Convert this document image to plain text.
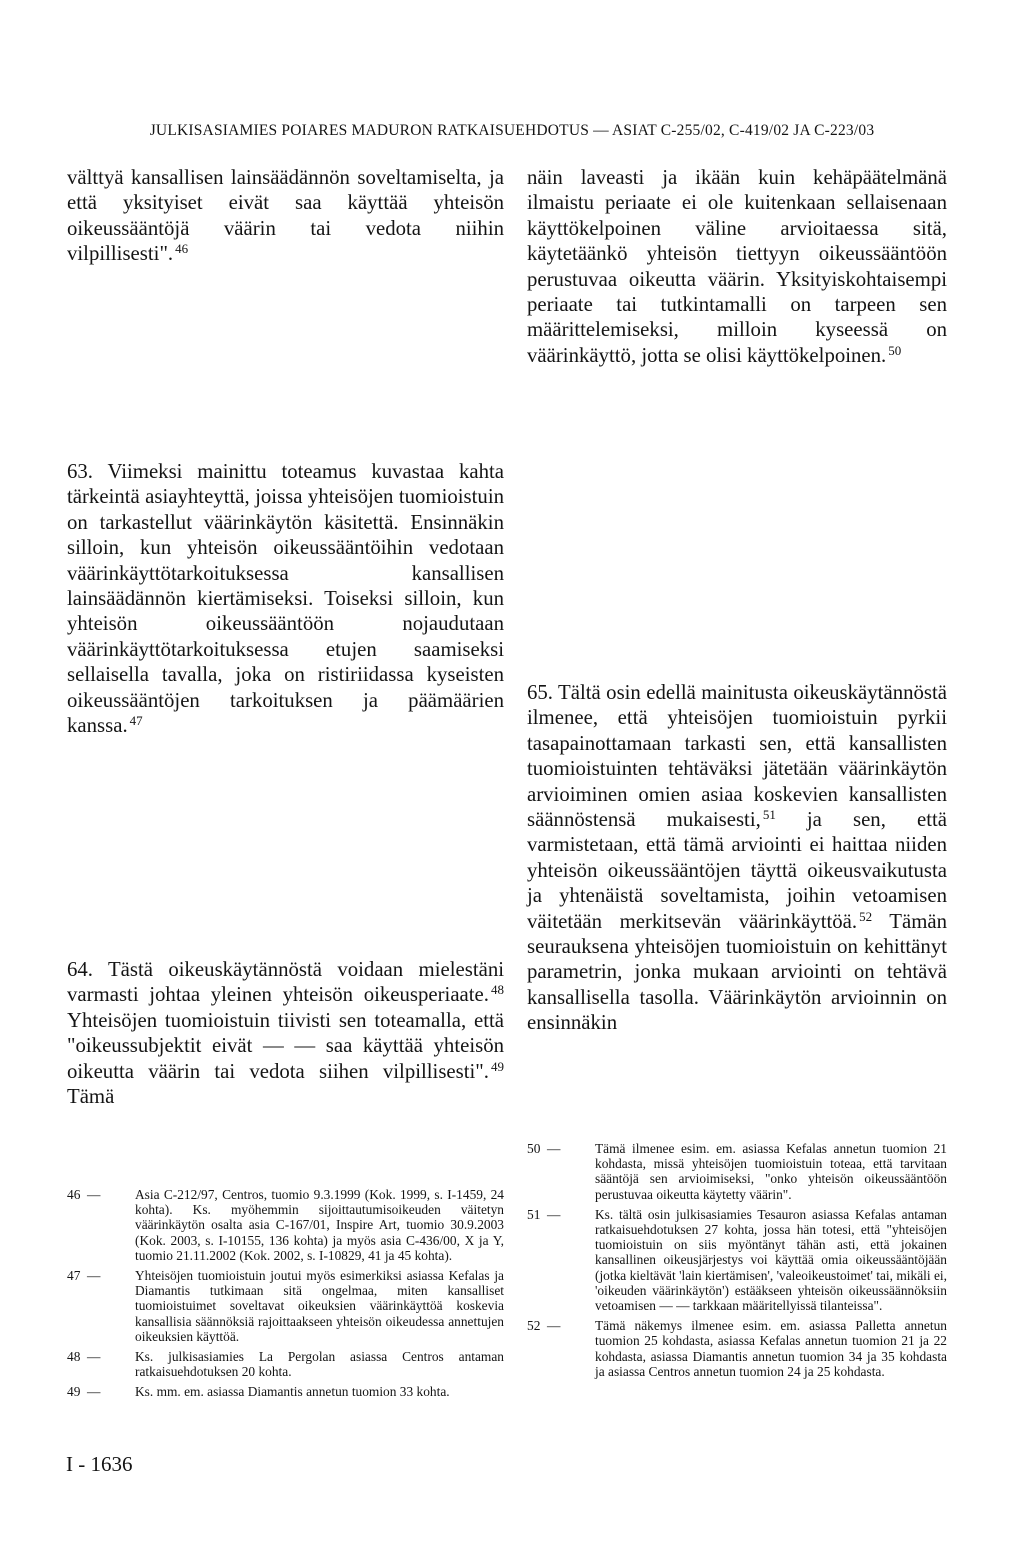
JULKISASIAMIES POIARES MADURON RATKAISUEHDOTUS — ASIAT C-255/02, C-419/02 JA C-223/03

välttyä kansallisen lainsäädännön soveltamiselta, ja että yksityiset eivät saa käyttää yhteisön oikeussääntöjä väärin tai vedota niihin vilpillisesti". $^{46}$

63. Viimeksi mainittu toteamus kuvastaa kahta tärkeintä asiayhteyttä, joissa yhteisöjen tuomioistuin on tarkastellut väärinkäytön käsitettä. Ensinnäkin silloin, kun yhteisön oikeussääntöihin vedotaan väärinkäyttötarkoituksessa kansallisen lainsäädännön kiertämiseksi. Toiseksi silloin, kun yhteisön oikeussääntöön nojaudutaan väärinkäyttötarkoituksessa etujen saamiseksi sellaisella tavalla, joka on ristiriidassa kyseisten oikeussääntöjen tarkoituksen ja päämäärien kanssa. $^{47}$

64. Tästä oikeuskäytännöstä voidaan mielestäni varmasti johtaa yleinen yhteisön oikeusperiaate. $^{48}$ Yhteisöjen tuomioistuin tiivisti sen toteamalla, että "oikeussubjektit eivät — — saa käyttää yhteisön oikeutta väärin tai vedota siihen vilpillisesti". $^{49}$ Tämä

näin laveasti ja ikään kuin kehäpäätelmänä ilmaistu periaate ei ole kuitenkaan sellaisenaan käyttökelpoinen väline arvioitaessa sitä, käytetäänkö yhteisön tiettyyn oikeussääntöön perustuvaa oikeutta väärin. Yksityiskohtaisempi periaate tai tutkintamalli on tarpeen sen määrittelemiseksi, milloin kyseessä on väärinkäyttö, jotta se olisi käyttökelpoinen. $^{50}$

65. Tältä osin edellä mainitusta oikeuskäytännöstä ilmenee, että yhteisöjen tuomioistuin pyrkii tasapainottamaan tarkasti sen, että kansallisten tuomioistuinten tehtäväksi jätetään väärinkäytön arvioiminen omien asiaa koskevien kansallisten säännöstensä mukaisesti, $^{51}$ ja sen, että varmistetaan, että tämä arviointi ei haittaa niiden yhteisön oikeussääntöjen täyttä oikeusvaikutusta ja yhtenäistä soveltamista, joihin vetoamisen väitetään merkitsevän väärinkäyttöä. $^{52}$ Tämän seurauksena yhteisöjen tuomioistuin on kehittänyt parametrin, jonka mukaan arviointi on tehtävä kansallisella tasolla. Väärinkäytön arvioinnin on ensinnäkin

46 —	Asia C-212/97, Centros, tuomio 9.3.1999 (Kok. 1999, s. I-1459, 24 kohta). Ks. myöhemmin sijoittautumisoikeuden väitetyn väärinkäytön osalta asia C-167/01, Inspire Art, tuomio 30.9.2003 (Kok. 2003, s. I-10155, 136 kohta) ja myös asia C-436/00, X ja Y, tuomio 21.11.2002 (Kok. 2002, s. I-10829, 41 ja 45 kohta).
47 —	Yhteisöjen tuomioistuin joutui myös esimerkiksi asiassa Kefalas ja Diamantis tutkimaan sitä ongelmaa, miten kansalliset tuomioistuimet soveltavat oikeuksien väärinkäyttöä koskevia kansallisia säännöksiä rajoittaakseen yhteisön oikeudessa annettujen oikeuksien käyttöä.
48 —	Ks. julkisasiamies La Pergolan asiassa Centros antaman ratkaisuehdotuksen 20 kohta.
49 —	Ks. mm. em. asiassa Diamantis annetun tuomion 33 kohta.
50 —	Tämä ilmenee esim. em. asiassa Kefalas annetun tuomion 21 kohdasta, missä yhteisöjen tuomioistuin toteaa, että tarvitaan sääntöjä sen arvioimiseksi, "onko yhteisön oikeussääntöön perustuvaa oikeutta käytetty väärin".
51 —	Ks. tältä osin julkisasiamies Tesauron asiassa Kefalas antaman ratkaisuehdotuksen 27 kohta, jossa hän totesi, että "yhteisöjen tuomioistuin on siis myöntänyt tähän asti, että jokainen kansallinen oikeusjärjestys voi käyttää omia oikeussääntöjään (jotka kieltävät 'lain kiertämisen', 'valeoikeustoimet' tai, mikäli ei, 'oikeuden väärinkäytön') estääkseen yhteisön oikeussäännöksiin vetoamisen — — tarkkaan määritellyissä tilanteissa".
52 —	Tämä näkemys ilmenee esim. em. asiassa Palletta annetun tuomion 25 kohdasta, asiassa Kefalas annetun tuomion 21 ja 22 kohdasta, asiassa Diamantis annetun tuomion 34 ja 35 kohdasta ja asiassa Centros annetun tuomion 24 ja 25 kohdasta.

I - 1636
